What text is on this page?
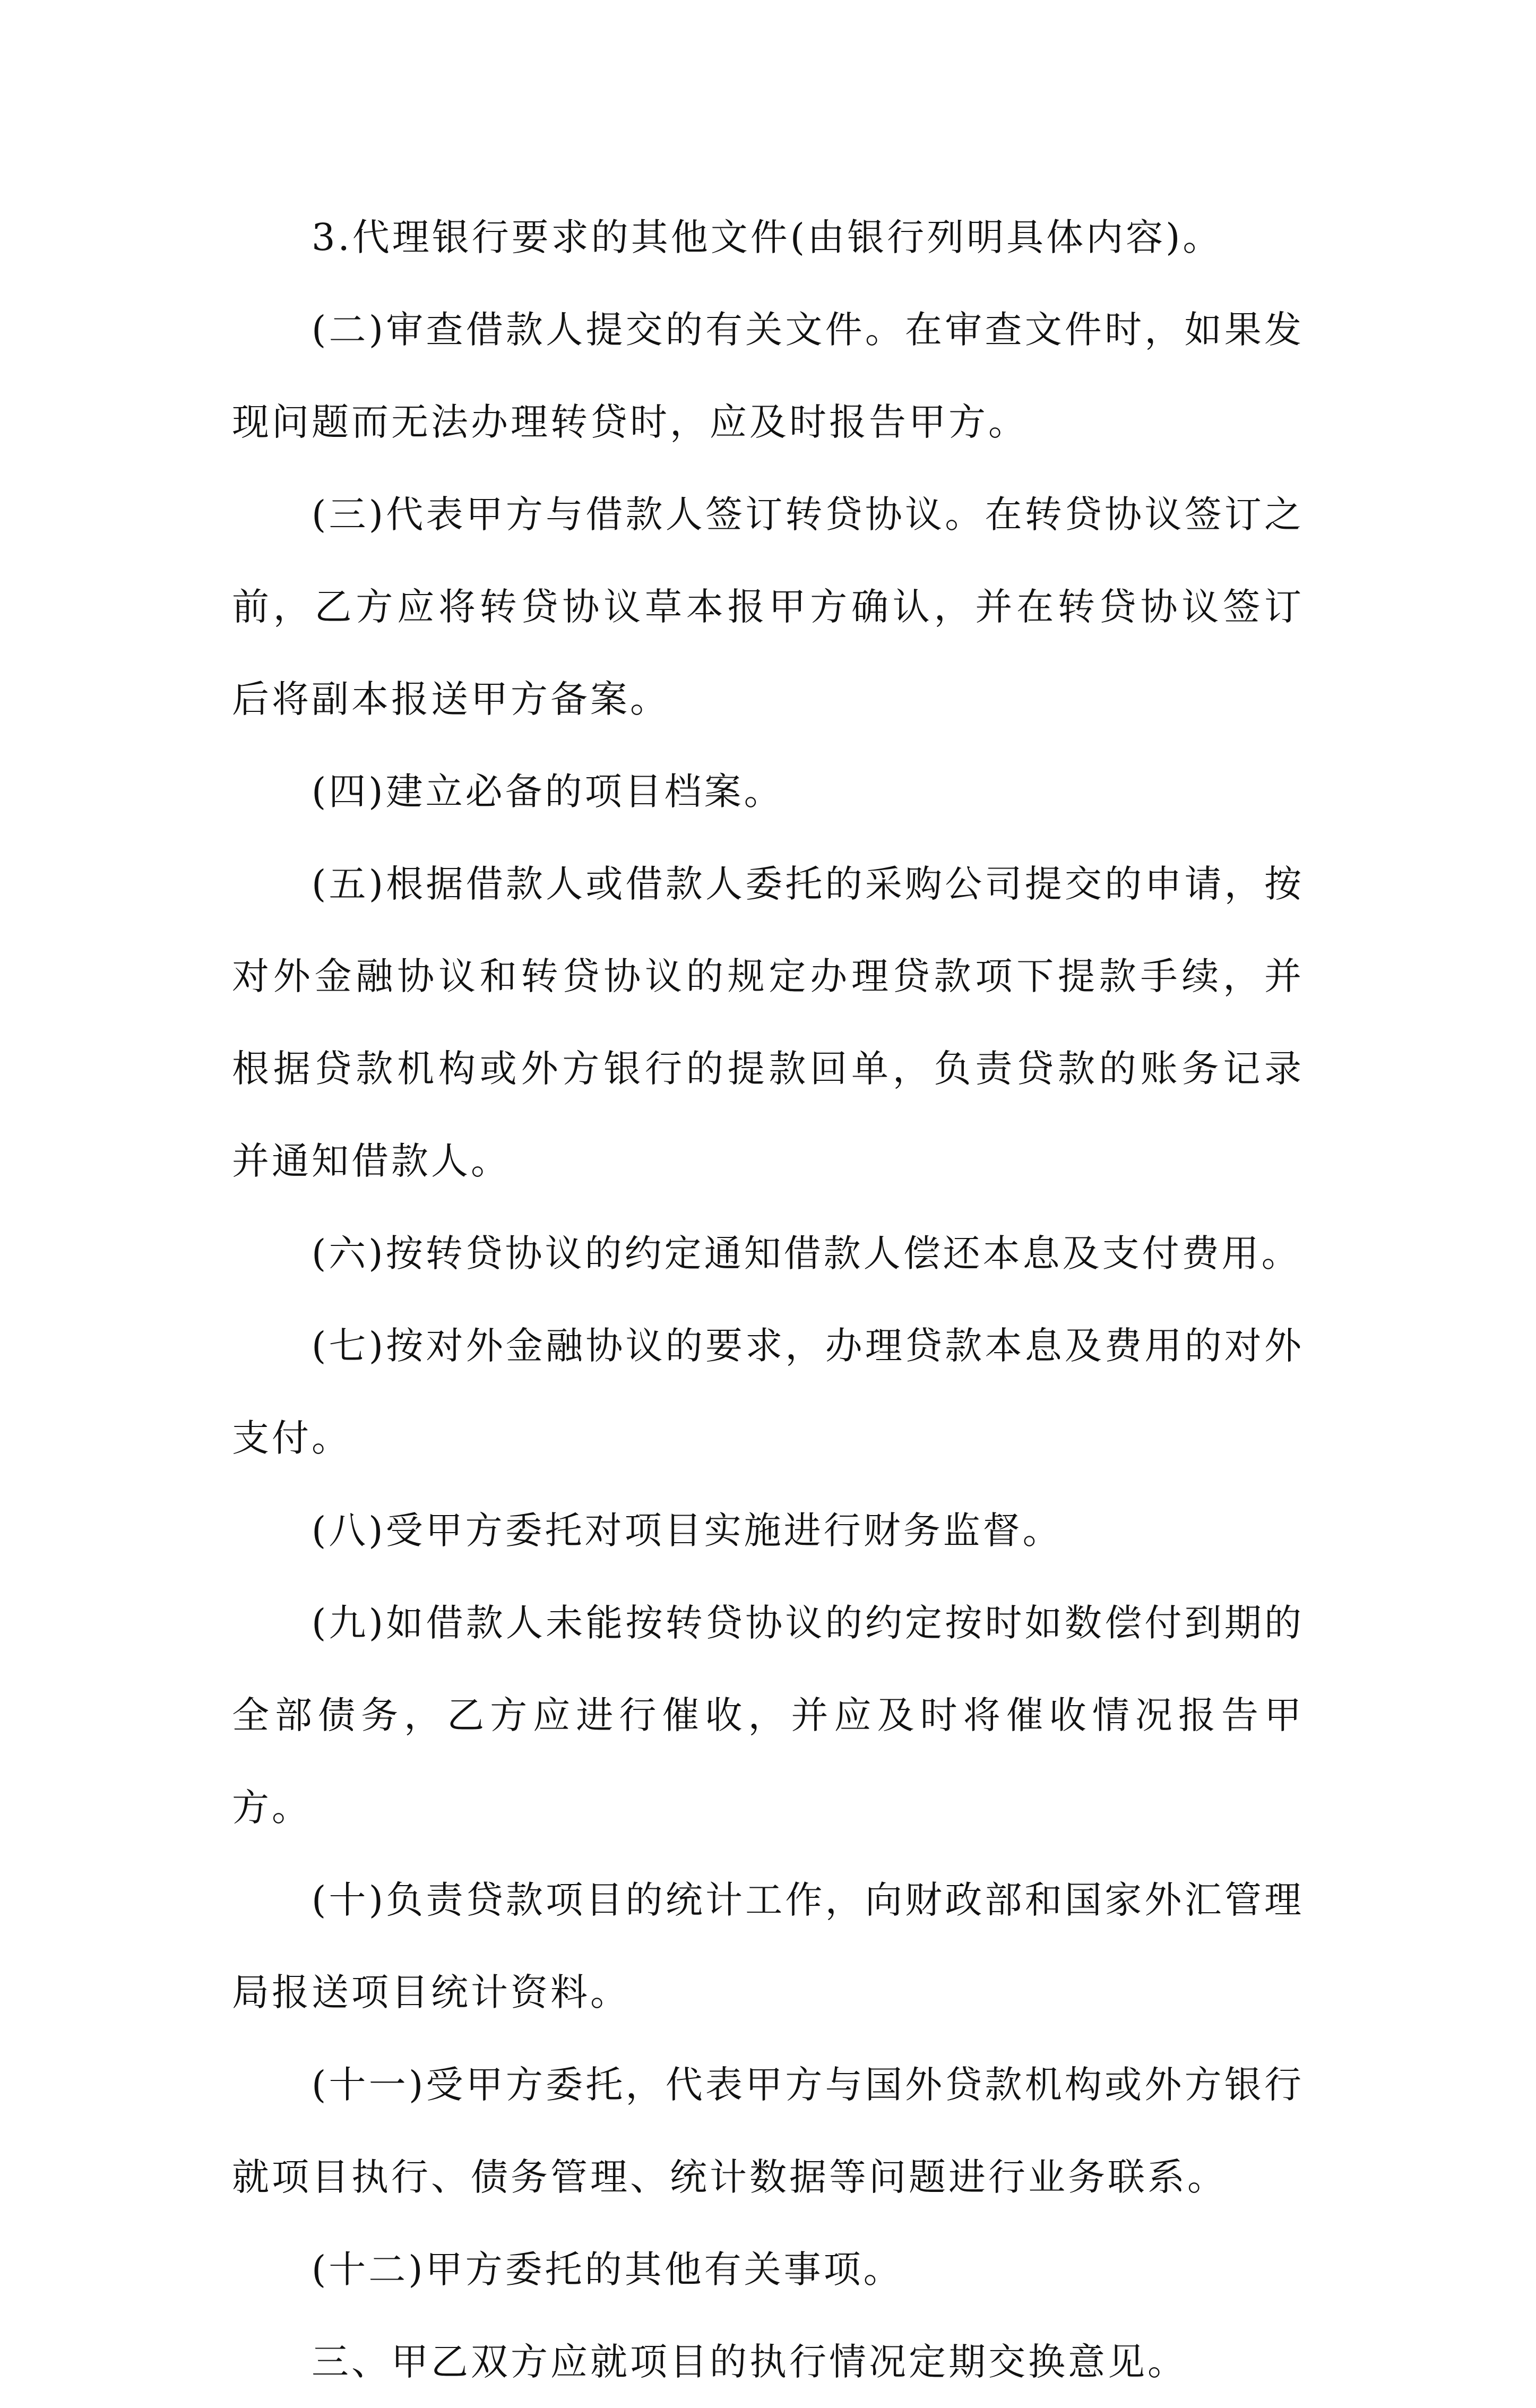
3.代理银行要求的其他文件(由银行列明具体内容)。

(二)审查借款人提交的有关文件。在审查文件时，如果发现问题而无法办理转贷时，应及时报告甲方。

(三)代表甲方与借款人签订转贷协议。在转贷协议签订之前，乙方应将转贷协议草本报甲方确认，并在转贷协议签订后将副本报送甲方备案。

(四)建立必备的项目档案。

(五)根据借款人或借款人委托的采购公司提交的申请，按对外金融协议和转贷协议的规定办理贷款项下提款手续，并根据贷款机构或外方银行的提款回单，负责贷款的账务记录并通知借款人。

(六)按转贷协议的约定通知借款人偿还本息及支付费用。

(七)按对外金融协议的要求，办理贷款本息及费用的对外支付。

(八)受甲方委托对项目实施进行财务监督。

(九)如借款人未能按转贷协议的约定按时如数偿付到期的全部债务，乙方应进行催收，并应及时将催收情况报告甲方。

(十)负责贷款项目的统计工作，向财政部和国家外汇管理局报送项目统计资料。

(十一)受甲方委托，代表甲方与国外贷款机构或外方银行就项目执行、债务管理、统计数据等问题进行业务联系。

(十二)甲方委托的其他有关事项。

三、甲乙双方应就项目的执行情况定期交换意见。
